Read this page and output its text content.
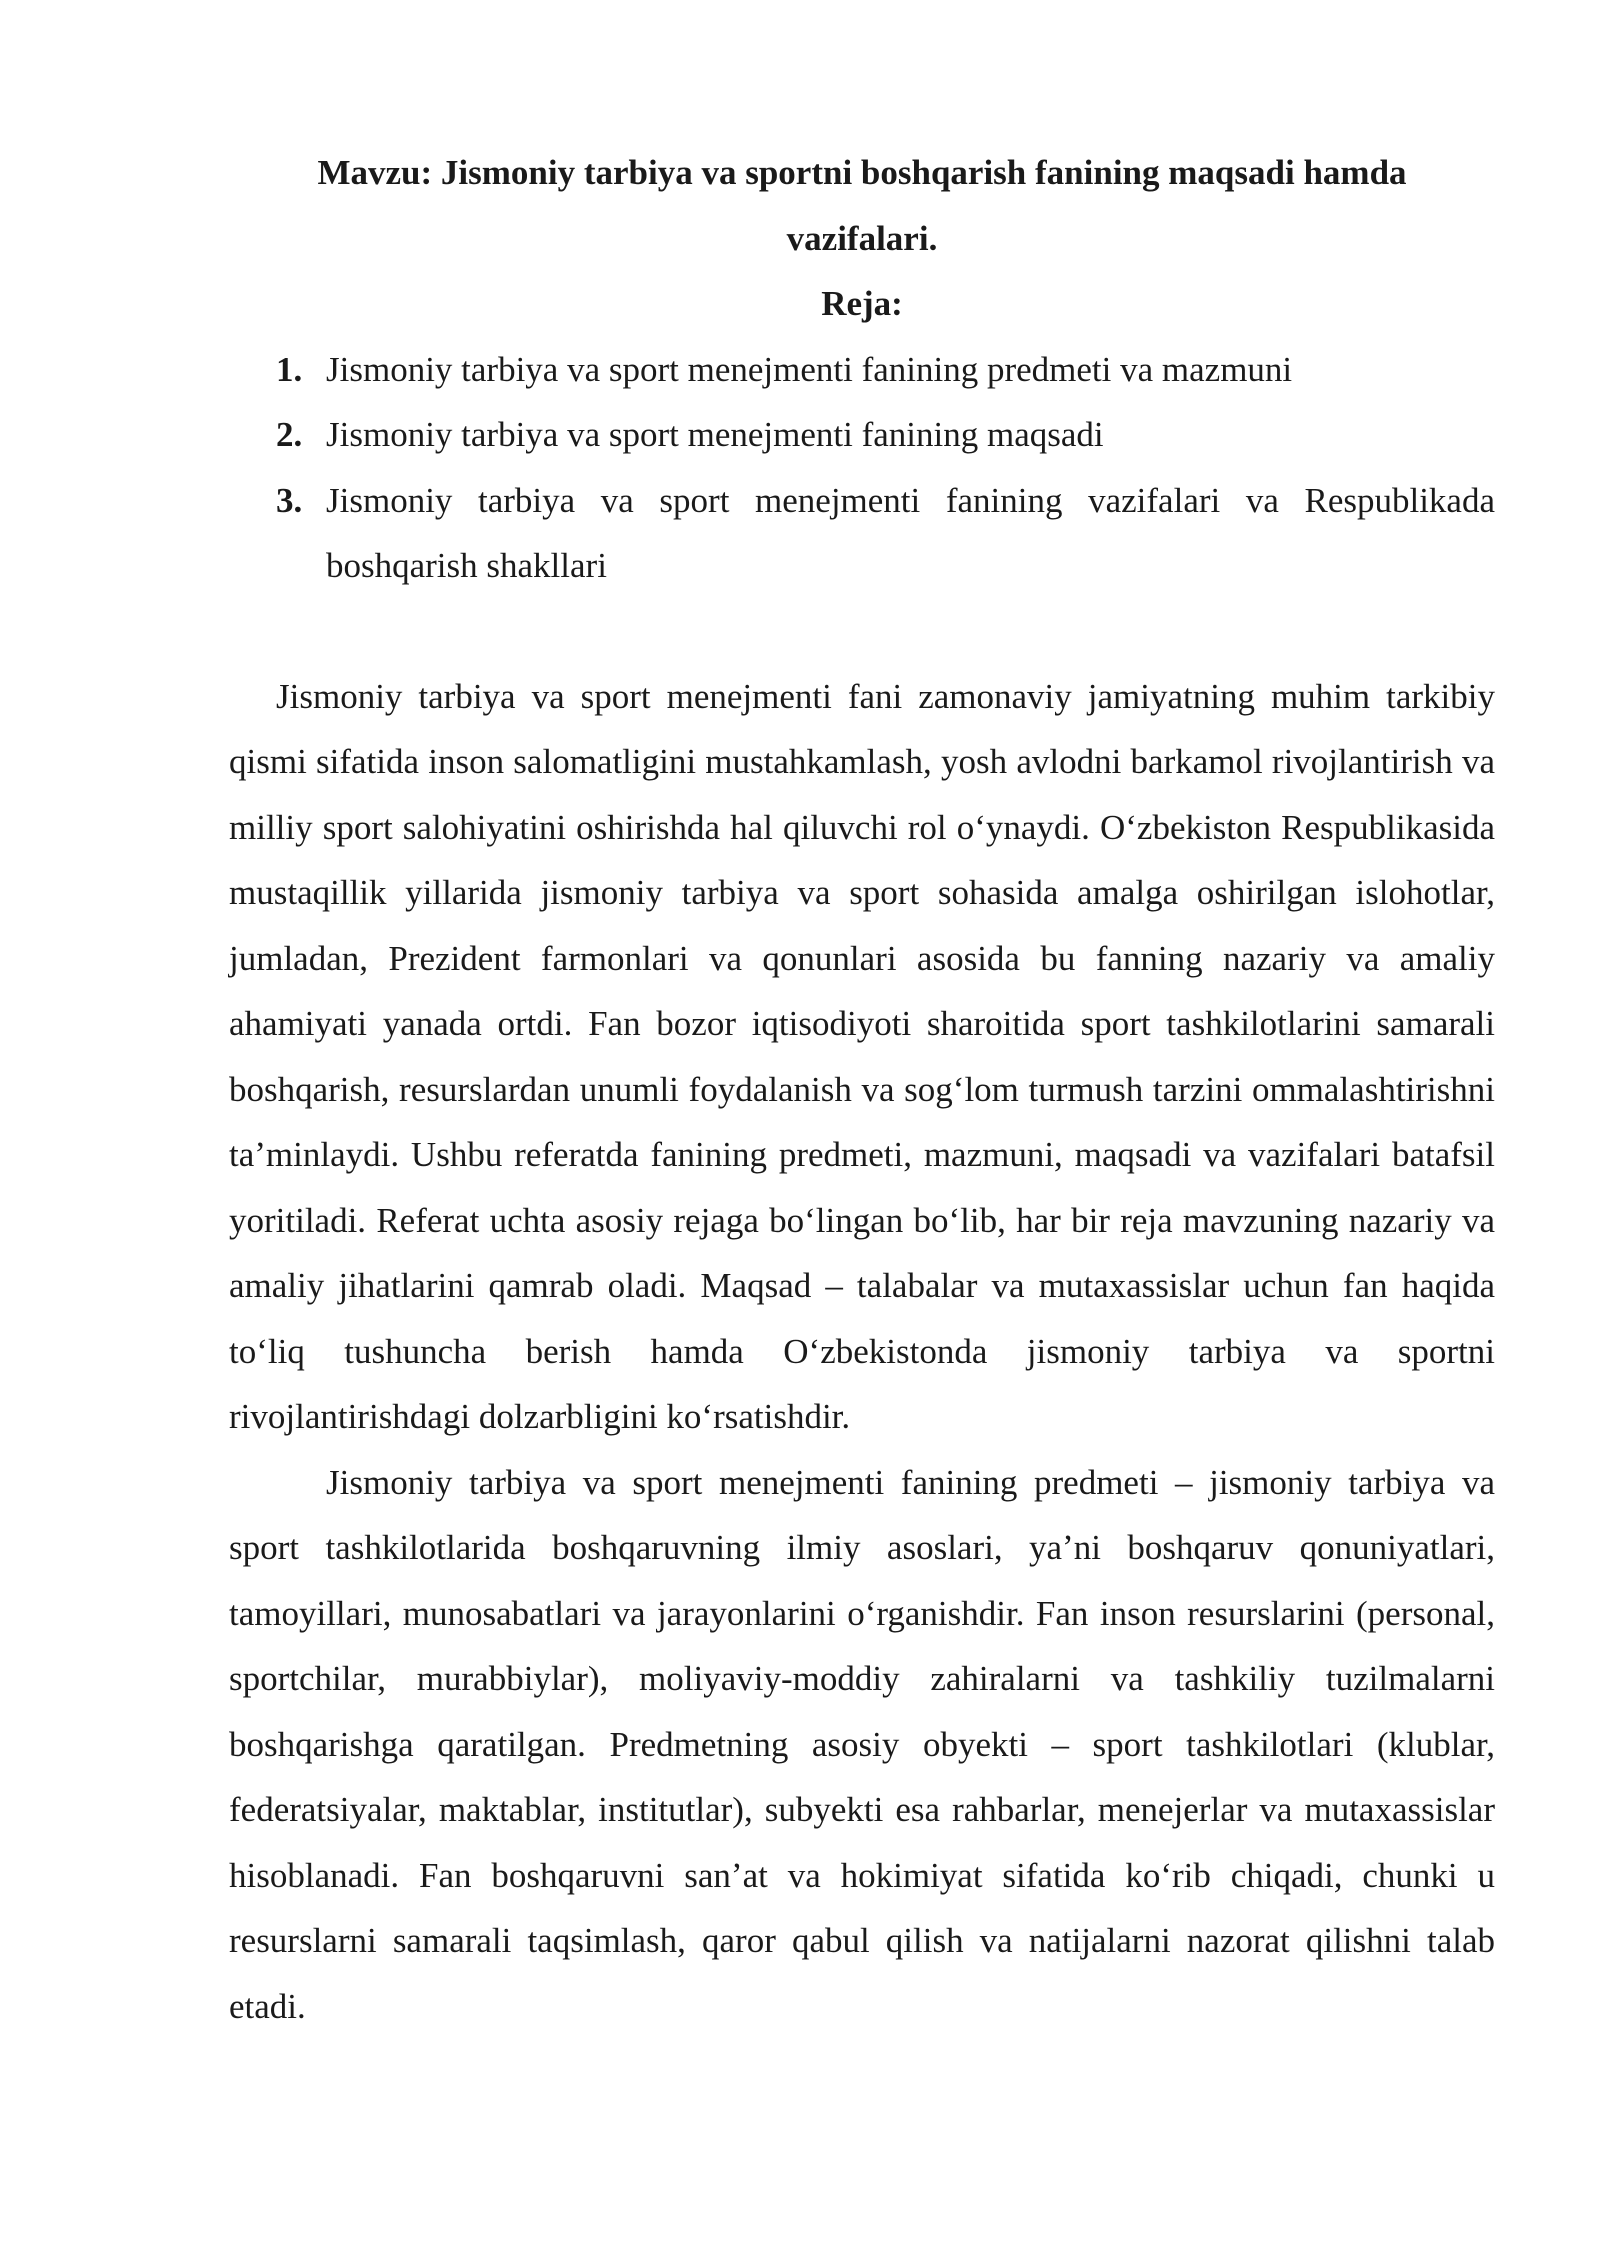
Mavzu: Jismoniy tarbiya va sportni boshqarish fanining maqsadi hamda vazifalari.
Reja:
1. Jismoniy tarbiya va sport menejmenti fanining predmeti va mazmuni
2. Jismoniy tarbiya va sport menejmenti fanining maqsadi
3. Jismoniy tarbiya va sport menejmenti fanining vazifalari va Respublikada boshqarish shakllari

Jismoniy tarbiya va sport menejmenti fani zamonaviy jamiyatning muhim tarkibiy qismi sifatida inson salomatligini mustahkamlash, yosh avlodni barkamol rivojlantirish va milliy sport salohiyatini oshirishda hal qiluvchi rol oʻynaydi. Oʻzbekiston Respublikasida mustaqillik yillarida jismoniy tarbiya va sport sohasida amalga oshirilgan islohotlar, jumladan, Prezident farmonlari va qonunlari asosida bu fanning nazariy va amaliy ahamiyati yanada ortdi. Fan bozor iqtisodiyoti sharoitida sport tashkilotlarini samarali boshqarish, resurslardan unumli foydalanish va sogʻlom turmush tarzini ommalashtirishni taʼminlaydi. Ushbu referatda fanining predmeti, mazmuni, maqsadi va vazifalari batafsil yoritiladi. Referat uchta asosiy rejaga boʻlingan boʻlib, har bir reja mavzuning nazariy va amaliy jihatlarini qamrab oladi. Maqsad – talabalar va mutaxassislar uchun fan haqida toʻliq tushuncha berish hamda Oʻzbekistonda jismoniy tarbiya va sportni rivojlantirishdagi dolzarbligini koʻrsatishdir.

Jismoniy tarbiya va sport menejmenti fanining predmeti – jismoniy tarbiya va sport tashkilotlarida boshqaruvning ilmiy asoslari, yaʼni boshqaruv qonuniyatlari, tamoyillari, munosabatlari va jarayonlarini oʻrganishdir. Fan inson resurslarini (personal, sportchilar, murabbiylar), moliyaviy-moddiy zahiralarni va tashkiliy tuzilmalarni boshqarishga qaratilgan. Predmetning asosiy obyekti – sport tashkilotlari (klublar, federatsiyalar, maktablar, institutlar), subyekti esa rahbarlar, menejerlar va mutaxassislar hisoblanadi. Fan boshqaruvni sanʼat va hokimiyat sifatida koʻrib chiqadi, chunki u resurslarni samarali taqsimlash, qaror qabul qilish va natijalarni nazorat qilishni talab etadi.
